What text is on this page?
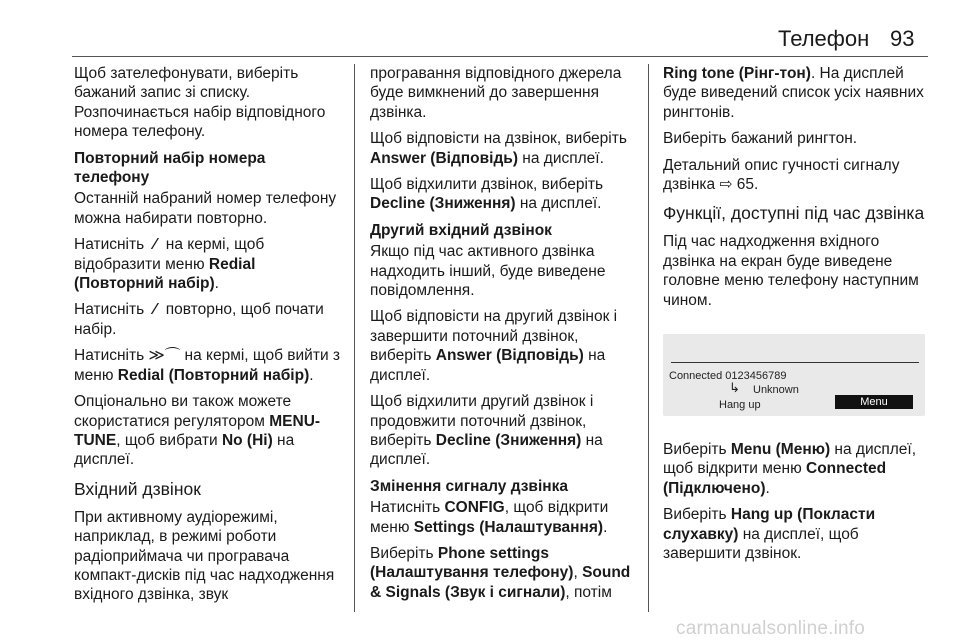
Телефон 93

Щоб зателефонувати, виберіть бажаний запис зі списку. Розпочинається набір відповідного номера телефону.

Повторний набір номера телефону

Останній набраний номер телефону можна набирати повторно.

Натисніть ⁄ на кермі, щоб відобразити меню Redial (Повторний набір).

Натисніть ⁄ повторно, щоб почати набір.

Натисніть ≫⌒ на кермі, щоб вийти з меню Redial (Повторний набір).

Опціонально ви також можете скористатися регулятором MENU-TUNE, щоб вибрати No (Hi) на дисплеї.

Вхідний дзвінок

При активному аудіорежимі, наприклад, в режимі роботи радіоприймача чи програвача компакт-дисків під час надходження вхідного дзвінка, звук

програвання відповідного джерела буде вимкнений до завершення дзвінка.

Щоб відповісти на дзвінок, виберіть Answer (Відповідь) на дисплеї.

Щоб відхилити дзвінок, виберіть Decline (Зниження) на дисплеї.

Другий вхідний дзвінок

Якщо під час активного дзвінка надходить інший, буде виведене повідомлення.

Щоб відповісти на другий дзвінок і завершити поточний дзвінок, виберіть Answer (Відповідь) на дисплеї.

Щоб відхилити другий дзвінок і продовжити поточний дзвінок, виберіть Decline (Зниження) на дисплеї.

Змінення сигналу дзвінка

Натисніть CONFIG, щоб відкрити меню Settings (Налаштування).

Виберіть Phone settings (Налаштування телефону), Sound & Signals (Звук і сигнали), потім

Ring tone (Рінг-тон). На дисплей буде виведений список усіх наявних рингтонів.

Виберіть бажаний рингтон.

Детальний опис гучності сигналу дзвінка ⇨ 65.

Функції, доступні під час дзвінка

Під час надходження вхідного дзвінка на екран буде виведене головне меню телефону наступним чином.

Connected 0123456789
↳ Unknown
Hang up	Menu

Виберіть Menu (Меню) на дисплеї, щоб відкрити меню Connected (Підключено).

Виберіть Hang up (Покласти слухавку) на дисплеї, щоб завершити дзвінок.

carmanualsonline.info
